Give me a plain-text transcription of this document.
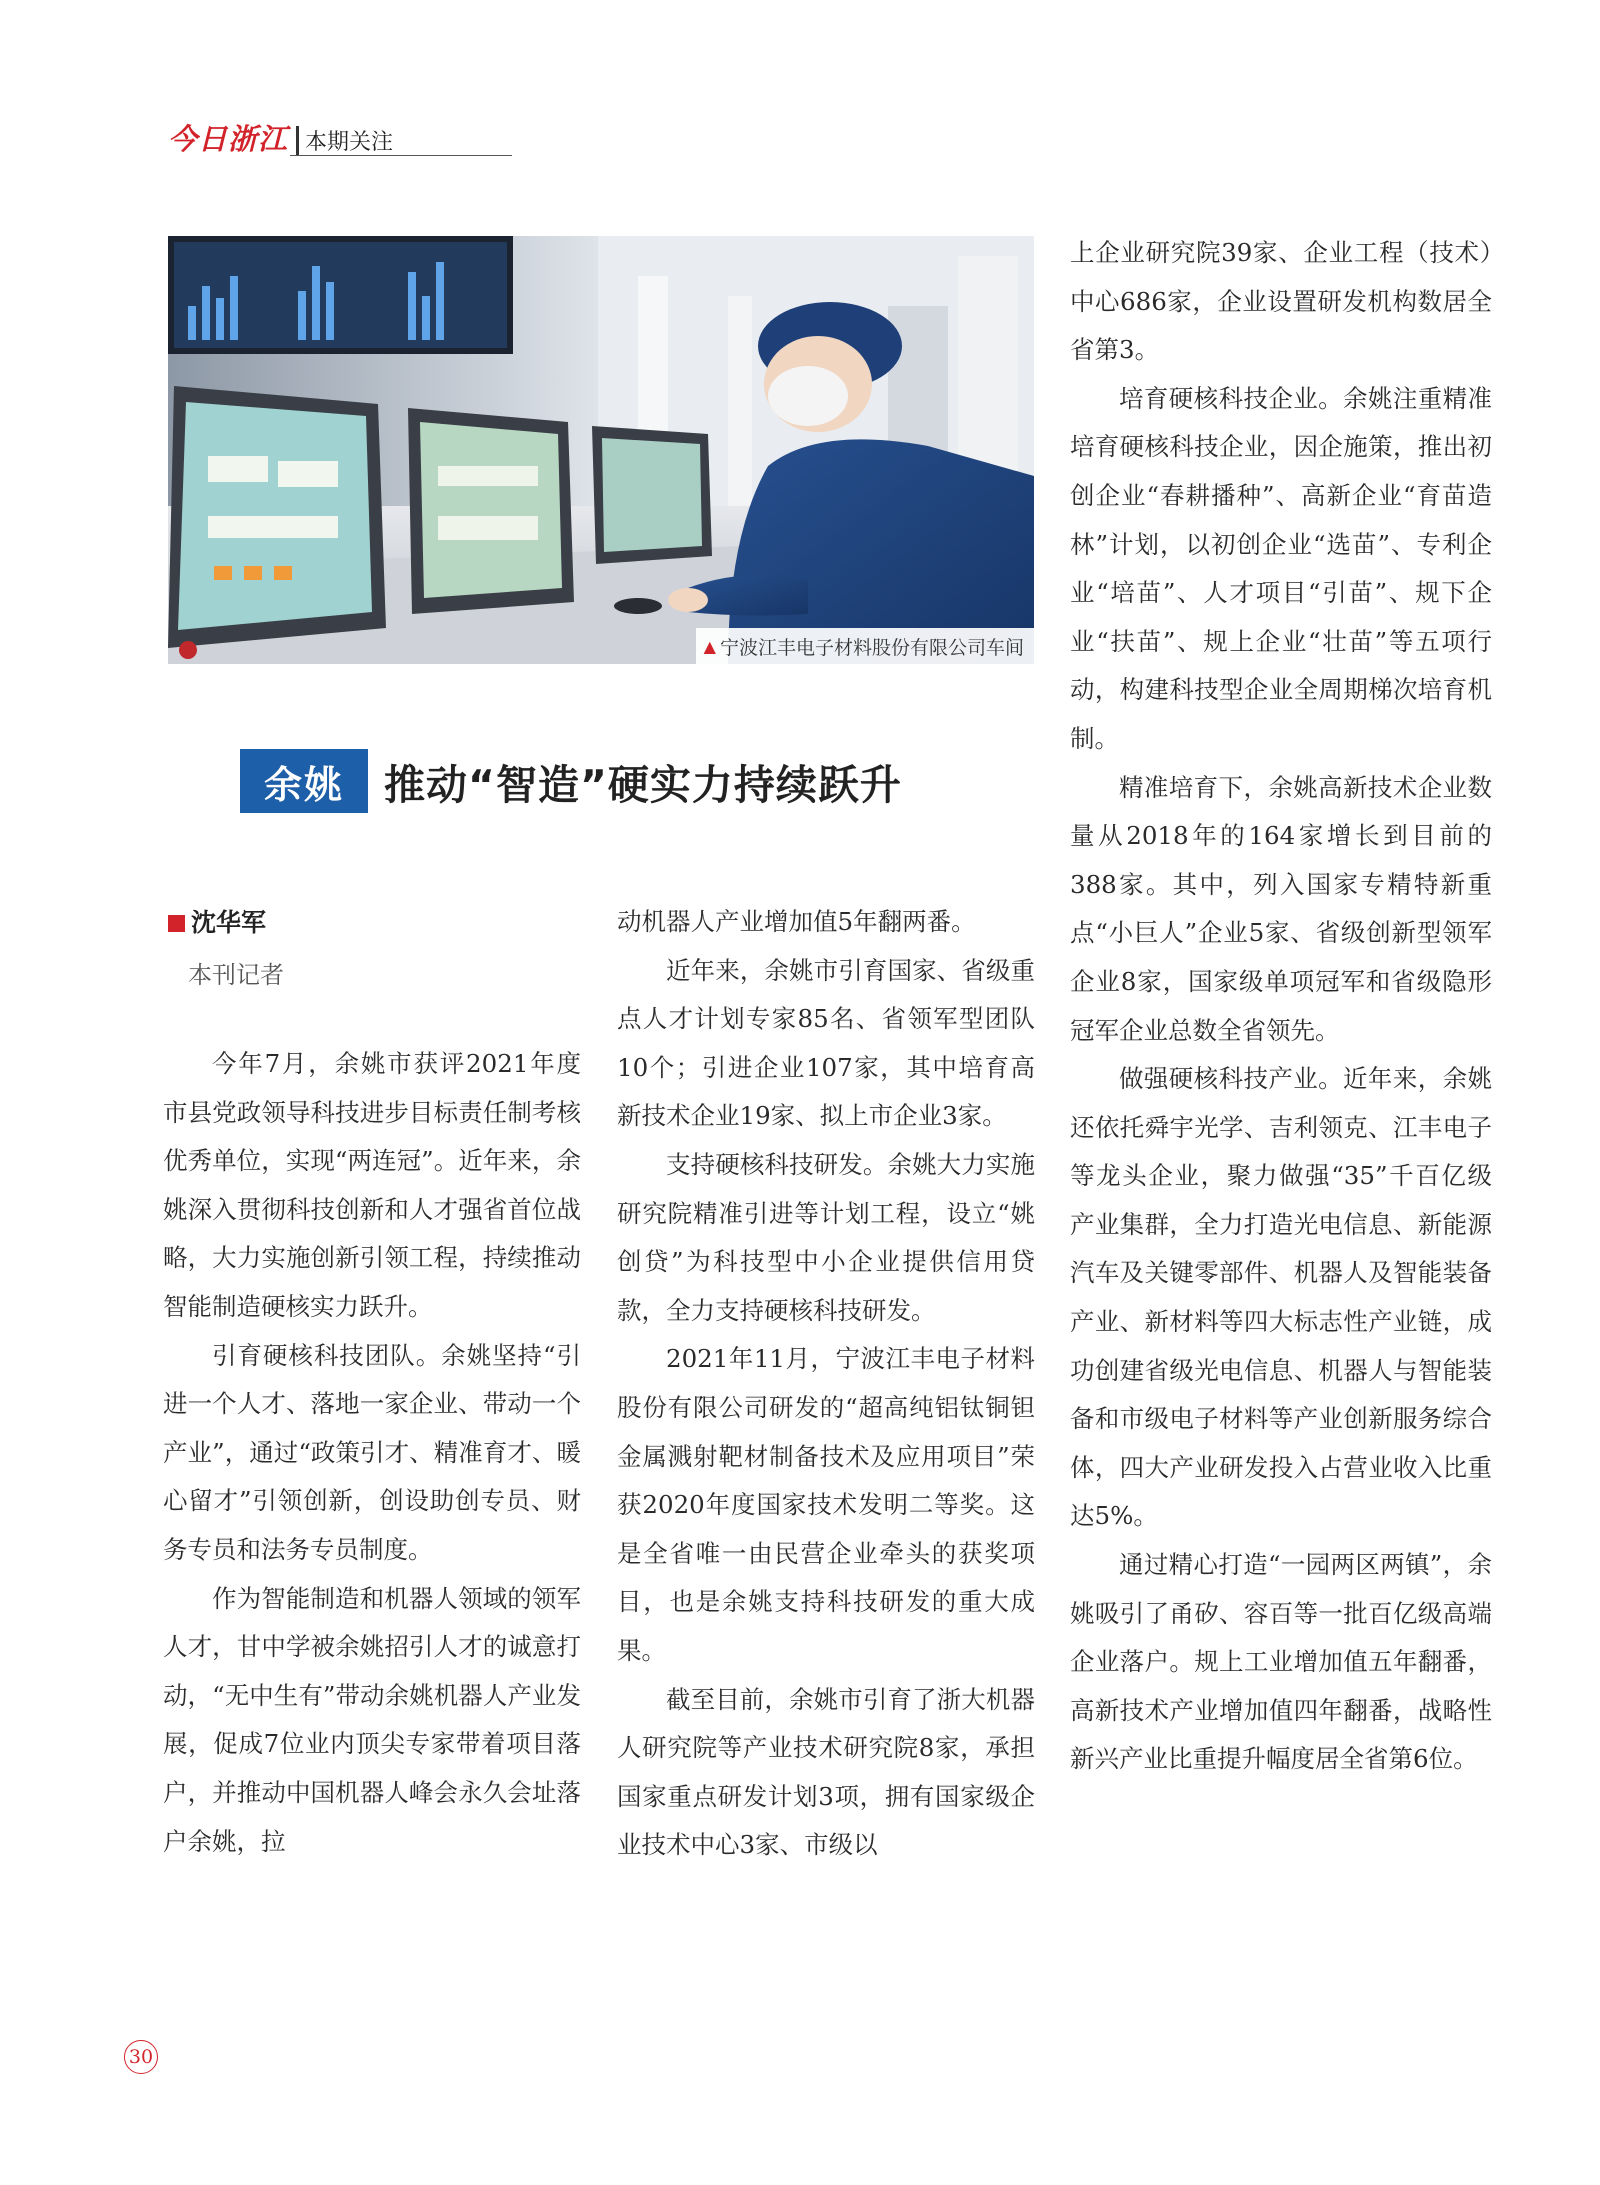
今日浙江 本期关注
▲ 宁波江丰电子材料股份有限公司车间
余姚 推动“智造”硬实力持续跃升
沈华军
本刊记者

今年7月，余姚市获评2021年度市县党政领导科技进步目标责任制考核优秀单位，实现“两连冠”。近年来，余姚深入贯彻科技创新和人才强省首位战略，大力实施创新引领工程，持续推动智能制造硬核实力跃升。

引育硬核科技团队。余姚坚持“引进一个人才、落地一家企业、带动一个产业”，通过“政策引才、精准育才、暖心留才”引领创新，创设助创专员、财务专员和法务专员制度。

作为智能制造和机器人领域的领军人才，甘中学被余姚招引人才的诚意打动，“无中生有”带动余姚机器人产业发展，促成7位业内顶尖专家带着项目落户，并推动中国机器人峰会永久会址落户余姚，拉

动机器人产业增加值5年翻两番。

近年来，余姚市引育国家、省级重点人才计划专家85名、省领军型团队10个；引进企业107家，其中培育高新技术企业19家、拟上市企业3家。

支持硬核科技研发。余姚大力实施研究院精准引进等计划工程，设立“姚创贷”为科技型中小企业提供信用贷款，全力支持硬核科技研发。

2021年11月，宁波江丰电子材料股份有限公司研发的“超高纯铝钛铜钽金属溅射靶材制备技术及应用项目”荣获2020年度国家技术发明二等奖。这是全省唯一由民营企业牵头的获奖项目，也是余姚支持科技研发的重大成果。

截至目前，余姚市引育了浙大机器人研究院等产业技术研究院8家，承担国家重点研发计划3项，拥有国家级企业技术中心3家、市级以

上企业研究院39家、企业工程（技术）中心686家，企业设置研发机构数居全省第3。

培育硬核科技企业。余姚注重精准培育硬核科技企业，因企施策，推出初创企业“春耕播种”、高新企业“育苗造林”计划，以初创企业“选苗”、专利企业“培苗”、人才项目“引苗”、规下企业“扶苗”、规上企业“壮苗”等五项行动，构建科技型企业全周期梯次培育机制。

精准培育下，余姚高新技术企业数量从2018年的164家增长到目前的388家。其中，列入国家专精特新重点“小巨人”企业5家、省级创新型领军企业8家，国家级单项冠军和省级隐形冠军企业总数全省领先。

做强硬核科技产业。近年来，余姚还依托舜宇光学、吉利领克、江丰电子等龙头企业，聚力做强“35”千百亿级产业集群，全力打造光电信息、新能源汽车及关键零部件、机器人及智能装备产业、新材料等四大标志性产业链，成功创建省级光电信息、机器人与智能装备和市级电子材料等产业创新服务综合体，四大产业研发投入占营业收入比重达5%。

通过精心打造“一园两区两镇”，余姚吸引了甬矽、容百等一批百亿级高端企业落户。规上工业增加值五年翻番，高新技术产业增加值四年翻番，战略性新兴产业比重提升幅度居全省第6位。

30
